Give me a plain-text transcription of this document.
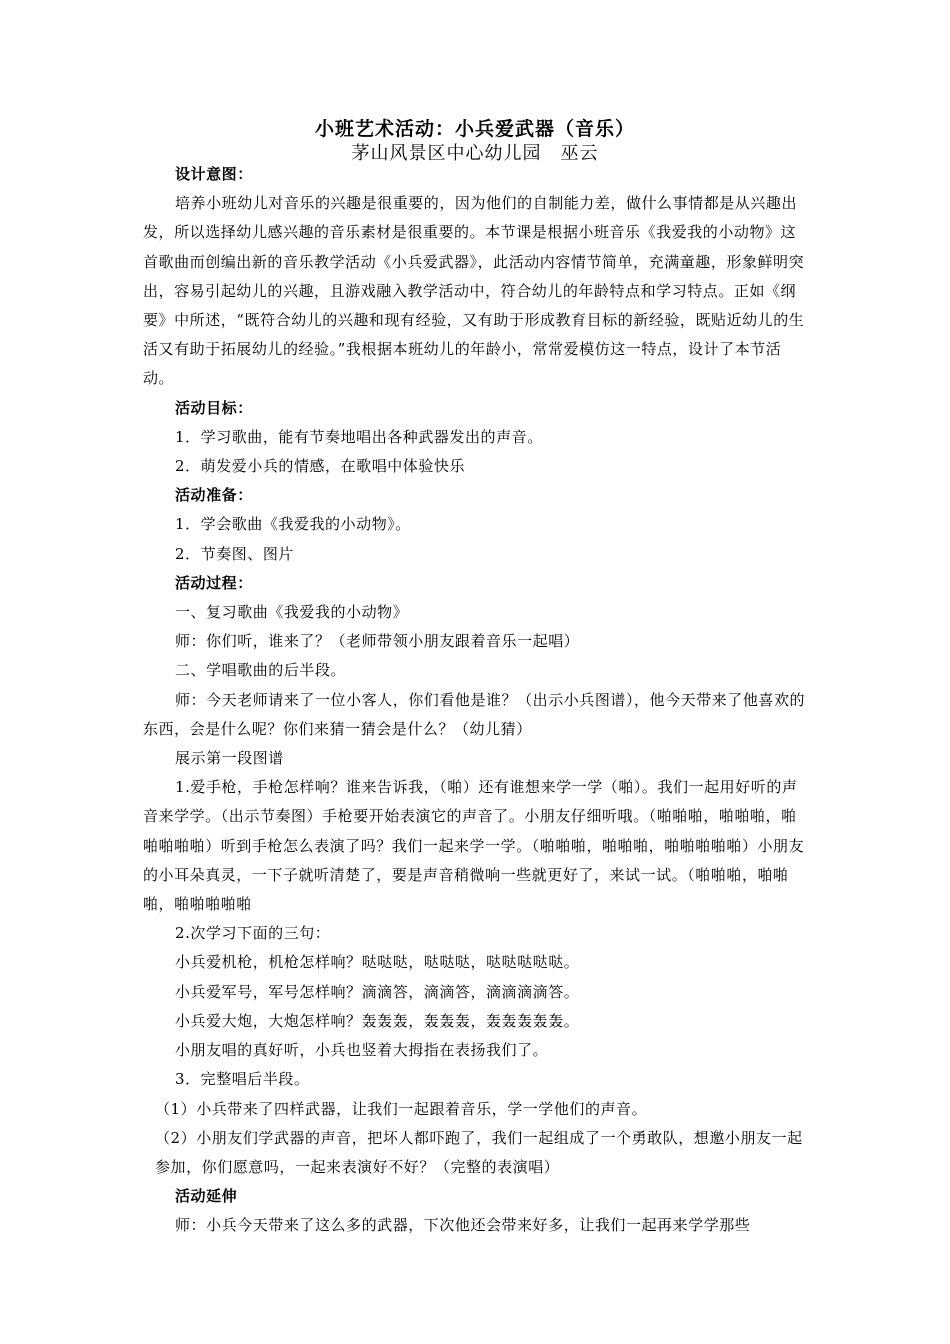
小班艺术活动：小兵爱武器（音乐）
茅山风景区中心幼儿园　巫云

设计意图：

培养小班幼儿对音乐的兴趣是很重要的，因为他们的自制能力差，做什么事情都是从兴趣出发，所以选择幼儿感兴趣的音乐素材是很重要的。本节课是根据小班音乐《我爱我的小动物》这首歌曲而创编出新的音乐教学活动《小兵爱武器》，此活动内容情节简单，充满童趣，形象鲜明突出，容易引起幼儿的兴趣，且游戏融入教学活动中，符合幼儿的年龄特点和学习特点。正如《纲要》中所述，“既符合幼儿的兴趣和现有经验，又有助于形成教育目标的新经验，既贴近幼儿的生活又有助于拓展幼儿的经验。”我根据本班幼儿的年龄小，常常爱模仿这一特点，设计了本节活动。

活动目标：

1．学习歌曲，能有节奏地唱出各种武器发出的声音。

2．萌发爱小兵的情感，在歌唱中体验快乐

活动准备：

1．学会歌曲《我爱我的小动物》。

2．节奏图、图片

活动过程：

一、复习歌曲《我爱我的小动物》

师：你们听，谁来了？（老师带领小朋友跟着音乐一起唱）

二、学唱歌曲的后半段。

师：今天老师请来了一位小客人，你们看他是谁？（出示小兵图谱），他今天带来了他喜欢的东西，会是什么呢？你们来猜一猜会是什么？（幼儿猜）

展示第一段图谱

1.爱手枪，手枪怎样响？谁来告诉我，（啪）还有谁想来学一学（啪）。我们一起用好听的声音来学学。（出示节奏图）手枪要开始表演它的声音了。小朋友仔细听哦。（啪啪啪，啪啪啪，啪啪啪啪啪）听到手枪怎么表演了吗？我们一起来学一学。（啪啪啪，啪啪啪，啪啪啪啪啪）小朋友的小耳朵真灵，一下子就听清楚了，要是声音稍微响一些就更好了，来试一试。（啪啪啪，啪啪啪，啪啪啪啪啪

2.次学习下面的三句：

小兵爱机枪，机枪怎样响？哒哒哒，哒哒哒，哒哒哒哒哒。

小兵爱军号，军号怎样响？滴滴答，滴滴答，滴滴滴滴答。

小兵爱大炮，大炮怎样响？轰轰轰，轰轰轰，轰轰轰轰轰。

小朋友唱的真好听，小兵也竖着大拇指在表扬我们了。

3．完整唱后半段。

（1）小兵带来了四样武器，让我们一起跟着音乐，学一学他们的声音。

（2）小朋友们学武器的声音，把坏人都吓跑了，我们一起组成了一个勇敢队，想邀小朋友一起参加，你们愿意吗，一起来表演好不好？（完整的表演唱）

活动延伸

师：小兵今天带来了这么多的武器，下次他还会带来好多，让我们一起再来学学那些
